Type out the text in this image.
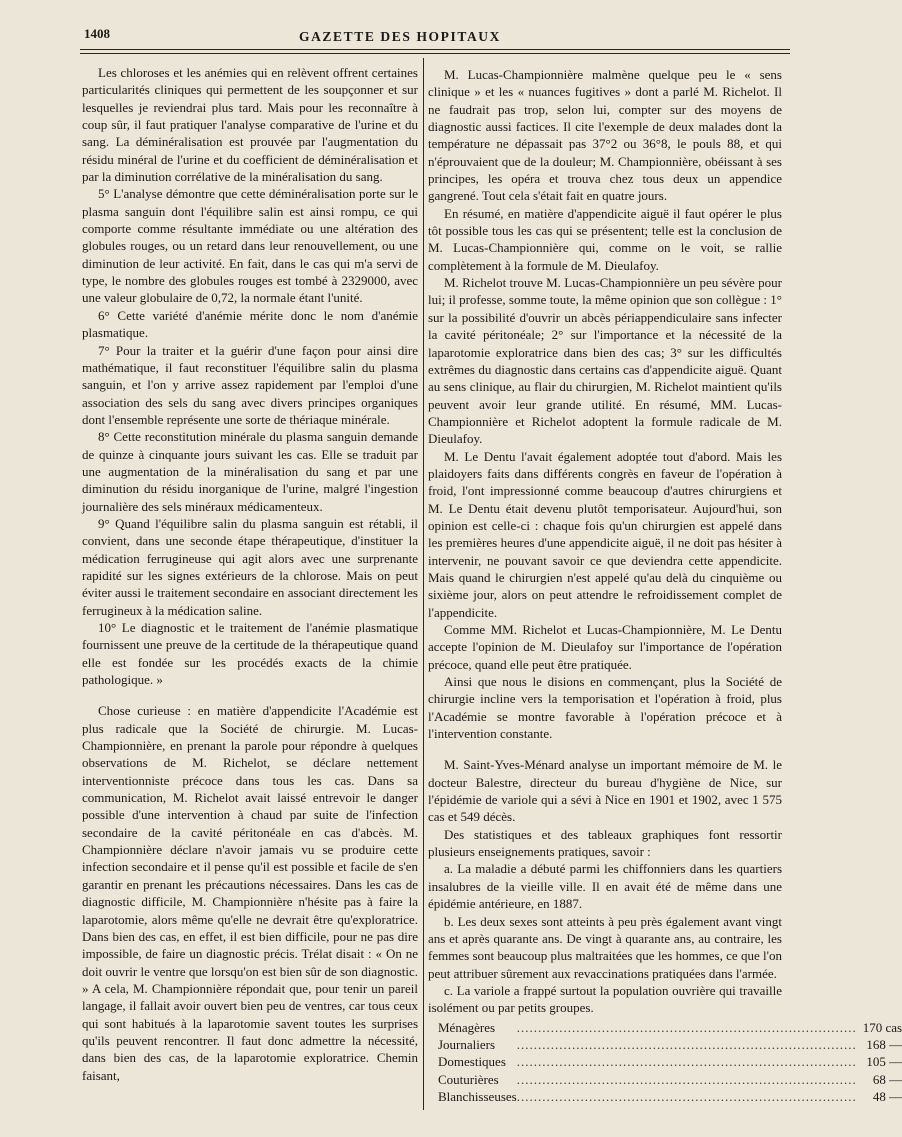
1408	GAZETTE DES HOPITAUX

Les chloroses et les anémies qui en relèvent offrent certaines particularités cliniques qui permettent de les soupçonner et sur lesquelles je reviendrai plus tard. Mais pour les reconnaître à coup sûr, il faut pratiquer l'analyse comparative de l'urine et du sang. La déminéralisation est prouvée par l'augmentation du résidu minéral de l'urine et du coefficient de déminéralisation et par la diminution corrélative de la minéralisation du sang.

5° L'analyse démontre que cette déminéralisation porte sur le plasma sanguin dont l'équilibre salin est ainsi rompu, ce qui comporte comme résultante immédiate ou une altération des globules rouges, ou un retard dans leur renouvellement, ou une diminution de leur activité. En fait, dans le cas qui m'a servi de type, le nombre des globules rouges est tombé à 2329000, avec une valeur globulaire de 0,72, la normale étant l'unité.

6° Cette variété d'anémie mérite donc le nom d'anémie plasmatique.

7° Pour la traiter et la guérir d'une façon pour ainsi dire mathématique, il faut reconstituer l'équilibre salin du plasma sanguin, et l'on y arrive assez rapidement par l'emploi d'une association des sels du sang avec divers principes organiques dont l'ensemble représente une sorte de thériaque minérale.

8° Cette reconstitution minérale du plasma sanguin demande de quinze à cinquante jours suivant les cas. Elle se traduit par une augmentation de la minéralisation du sang et par une diminution du résidu inorganique de l'urine, malgré l'ingestion journalière des sels minéraux médicamenteux.

9° Quand l'équilibre salin du plasma sanguin est rétabli, il convient, dans une seconde étape thérapeutique, d'instituer la médication ferrugineuse qui agit alors avec une surprenante rapidité sur les signes extérieurs de la chlorose. Mais on peut éviter aussi le traitement secondaire en associant directement les ferrugineux à la médication saline.

10° Le diagnostic et le traitement de l'anémie plasmatique fournissent une preuve de la certitude de la thérapeutique quand elle est fondée sur les procédés exacts de la chimie pathologique. »

Chose curieuse : en matière d'appendicite l'Académie est plus radicale que la Société de chirurgie. M. Lucas-Championnière, en prenant la parole pour répondre à quelques observations de M. Richelot, se déclare nettement interventionniste précoce dans tous les cas. Dans sa communication, M. Richelot avait laissé entrevoir le danger possible d'une intervention à chaud par suite de l'infection secondaire de la cavité péritonéale en cas d'abcès. M. Championnière déclare n'avoir jamais vu se produire cette infection secondaire et il pense qu'il est possible et facile de s'en garantir en prenant les précautions nécessaires. Dans les cas de diagnostic difficile, M. Championnière n'hésite pas à faire la laparotomie, alors même qu'elle ne devrait être qu'exploratrice. Dans bien des cas, en effet, il est bien difficile, pour ne pas dire impossible, de faire un diagnostic précis. Trélat disait : « On ne doit ouvrir le ventre que lorsqu'on est bien sûr de son diagnostic. » A cela, M. Championnière répondait que, pour tenir un pareil langage, il fallait avoir ouvert bien peu de ventres, car tous ceux qui sont habitués à la laparotomie savent toutes les surprises qu'ils peuvent rencontrer. Il faut donc admettre la nécessité, dans bien des cas, de la laparotomie exploratrice. Chemin faisant,

M. Lucas-Championnière malmène quelque peu le « sens clinique » et les « nuances fugitives » dont a parlé M. Richelot. Il ne faudrait pas trop, selon lui, compter sur des moyens de diagnostic aussi factices. Il cite l'exemple de deux malades dont la température ne dépassait pas 37°2 ou 36°8, le pouls 88, et qui n'éprouvaient que de la douleur; M. Championnière, obéissant à ses principes, les opéra et trouva chez tous deux un appendice gangrené. Tout cela s'était fait en quatre jours.

En résumé, en matière d'appendicite aiguë il faut opérer le plus tôt possible tous les cas qui se présentent; telle est la conclusion de M. Lucas-Championnière qui, comme on le voit, se rallie complètement à la formule de M. Dieulafoy.

M. Richelot trouve M. Lucas-Championnière un peu sévère pour lui; il professe, somme toute, la même opinion que son collègue : 1° sur la possibilité d'ouvrir un abcès périappendiculaire sans infecter la cavité péritonéale; 2° sur l'importance et la nécessité de la laparotomie exploratrice dans bien des cas; 3° sur les difficultés extrêmes du diagnostic dans certains cas d'appendicite aiguë. Quant au sens clinique, au flair du chirurgien, M. Richelot maintient qu'ils peuvent avoir leur grande utilité. En résumé, MM. Lucas-Championnière et Richelot adoptent la formule radicale de M. Dieulafoy.

M. Le Dentu l'avait également adoptée tout d'abord. Mais les plaidoyers faits dans différents congrès en faveur de l'opération à froid, l'ont impressionné comme beaucoup d'autres chirurgiens et M. Le Dentu était devenu plutôt temporisateur. Aujourd'hui, son opinion est celle-ci : chaque fois qu'un chirurgien est appelé dans les premières heures d'une appendicite aiguë, il ne doit pas hésiter à intervenir, ne pouvant savoir ce que deviendra cette appendicite. Mais quand le chirurgien n'est appelé qu'au delà du cinquième ou sixième jour, alors on peut attendre le refroidissement complet de l'appendicite.

Comme MM. Richelot et Lucas-Championnière, M. Le Dentu accepte l'opinion de M. Dieulafoy sur l'importance de l'opération précoce, quand elle peut être pratiquée.

Ainsi que nous le disions en commençant, plus la Société de chirurgie incline vers la temporisation et l'opération à froid, plus l'Académie se montre favorable à l'opération précoce et à l'intervention constante.

M. Saint-Yves-Ménard analyse un important mémoire de M. le docteur Balestre, directeur du bureau d'hygiène de Nice, sur l'épidémie de variole qui a sévi à Nice en 1901 et 1902, avec 1 575 cas et 549 décès.

Des statistiques et des tableaux graphiques font ressortir plusieurs enseignements pratiques, savoir :

a. La maladie a débuté parmi les chiffonniers dans les quartiers insalubres de la vieille ville. Il en avait été de même dans une épidémie antérieure, en 1887.

b. Les deux sexes sont atteints à peu près également avant vingt ans et après quarante ans. De vingt à quarante ans, au contraire, les femmes sont beaucoup plus maltraitées que les hommes, ce que l'on peut attribuer sûrement aux revaccinations pratiquées dans l'armée.

c. La variole a frappé surtout la population ouvrière qui travaille isolément ou par petits groupes.

Ménagères	.....	170 cas
Journaliers	.....	168 —
Domestiques	.....	105 —
Couturières	.....	68 —
Blanchisseuses	.....	48 —
